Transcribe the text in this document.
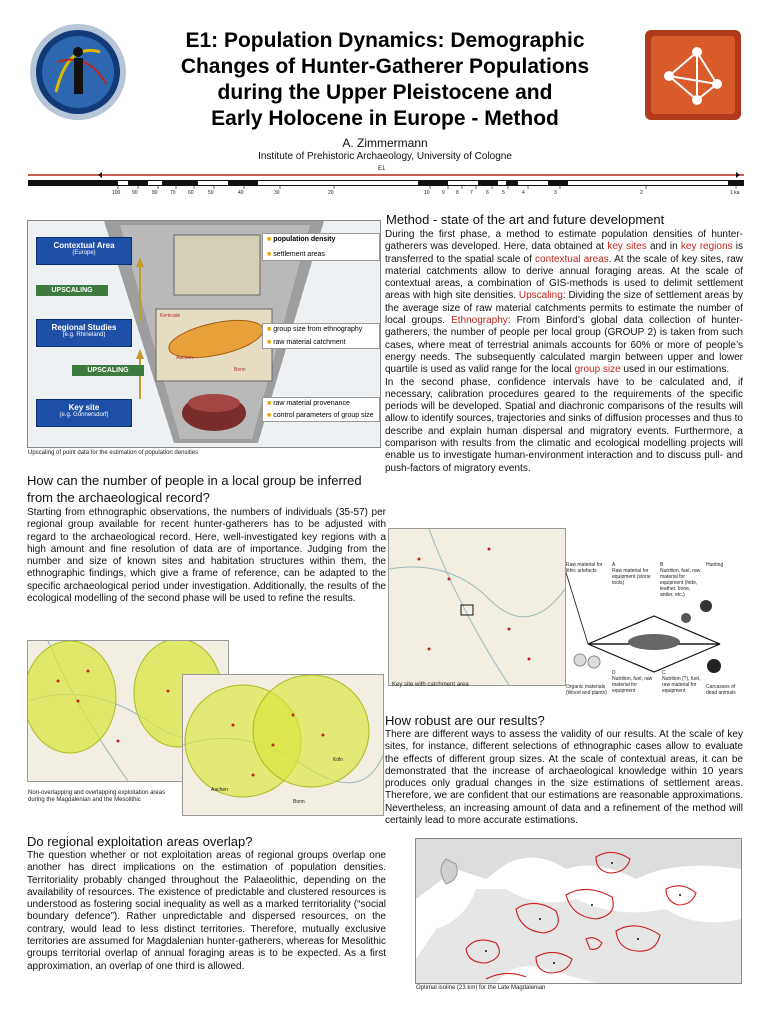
E1: Population Dynamics: Demographic
Changes of Hunter-Gatherer Populations
during the Upper Pleistocene and
Early Holocene in Europe - Method
A. Zimmermann
Institute of Prehistoric Archaeology, University of Cologne
E1
100 90	80 70 60	50	40	30	20	10 9 8 7	6	5	4	3	2	1 ka
Contextual Area
(Europe)
UPSCALING
Regional Studies
(e.g. Rhineland)
UPSCALING
Key site
(e.g. Gönnersdorf)
■ population density
■ settlement areas
■ group size from ethnography
■ raw material catchment
■ raw material provenance
■ control parameters of group size
Kerkrade
Aachen
Bonn
Upscaling of point data for the estimation of population densities
How can the number of people in a local group be inferred from the archaeological record?
Starting from ethnographic observations, the numbers of individuals (35-57) per regional group available for recent hunter-gatherers has to be adjusted with regard to the archaeological record. Here, well-investigated key regions with a high amount and fine resolution of data are of importance. Judging from the number and size of known sites and habitation structures within them, the ethnographic findings, which give a frame of reference, can be adapted to the specific archaeological period under investigation. Additionally, the results of the ecological modelling of the second phase will be used to refine the results.
Aachen
Köln
Bonn
Non-overlapping and overlapping exploitation areas
during the Magdalenian and the Mesolithic
Do regional exploitation areas overlap?
The question whether or not exploitation areas of regional groups overlap one another has direct implications on the estimation of population densities. Territoriality probably changed throughout the Palaeolithic, depending on the availability of resources. The existence of predictable and clustered resources is understood as fostering social inequality as well as a marked territoriality (“social boundary defence”). Rather unpredictable and dispersed resources, on the contrary, would lead to less distinct territories. Therefore, mutually exclusive territories are assumed for Magdalenian hunter-gatherers, whereas for Mesolithic groups territorial overlap of annual foraging areas is to be expected. As a first approximation, an overlap of one third is allowed.
Method - state of the art and future development
During the first phase, a method to estimate population densities of hunter-gatherers was developed. Here, data obtained at key sites and in key regions is transferred to the spatial scale of contextual areas. At the scale of key sites, raw material catchments allow to derive annual foraging areas. At the scale of contextual areas, a combination of GIS-methods is used to delimit settlement areas with high site densities. Upscaling: Dividing the size of settlement areas by the average size of raw material catchments permits to estimate the number of local groups. Ethnography: From Binford’s global data collection of hunter-gatherers, the number of people per local group (GROUP 2) is taken from such cases, where meat of terrestrial animals accounts for 60% or more of people’s energy needs. The subsequently calculated margin between upper and lower quartile is used as valid range for the local group size used in our estimations.
In the second phase, confidence intervals have to be calculated and, if necessary, calibration procedures geared to the requirements of the specific periods will be developed. Spatial and diachronic comparisons of the results will allow to identify sources, trajectories and sinks of diffusion processes and thus to describe and explain human dispersal and migratory events. Furthermore, a comparison with results from the climatic and ecological modelling projects will enable us to investigate human-environment interaction and to discuss pull- and push-factors of migratory events.
Key site with catchment area
Raw material for lithic artefacts
A
Raw material for equipment (stone tools)
B
Nutrition, fuel, raw material for equipment (hide, leather, bone, antler, etc.)
Hunting
D
Nutrition, fuel, raw material for equipment
C
Nutrition (?), fuel, raw material for equipment
Organic materials (Wood and plants)
Carcasses of dead animals
How robust are our results?
There are different ways to assess the validity of our results. At the scale of key sites, for instance, different selections of ethnographic cases allow to evaluate the effects of different group sizes. At the scale of contextual areas, it can be demonstrated that the increase of archaeological knowledge within 10 years produces only gradual changes in the size estimations of settlement areas. Therefore, we are confident that our estimations are reasonable approximations. Nevertheless, an increasing amount of data and a refinement of the method will certainly lead to more accurate estimations.
Optimal isoline (23 km) for the Late Magdalenian
